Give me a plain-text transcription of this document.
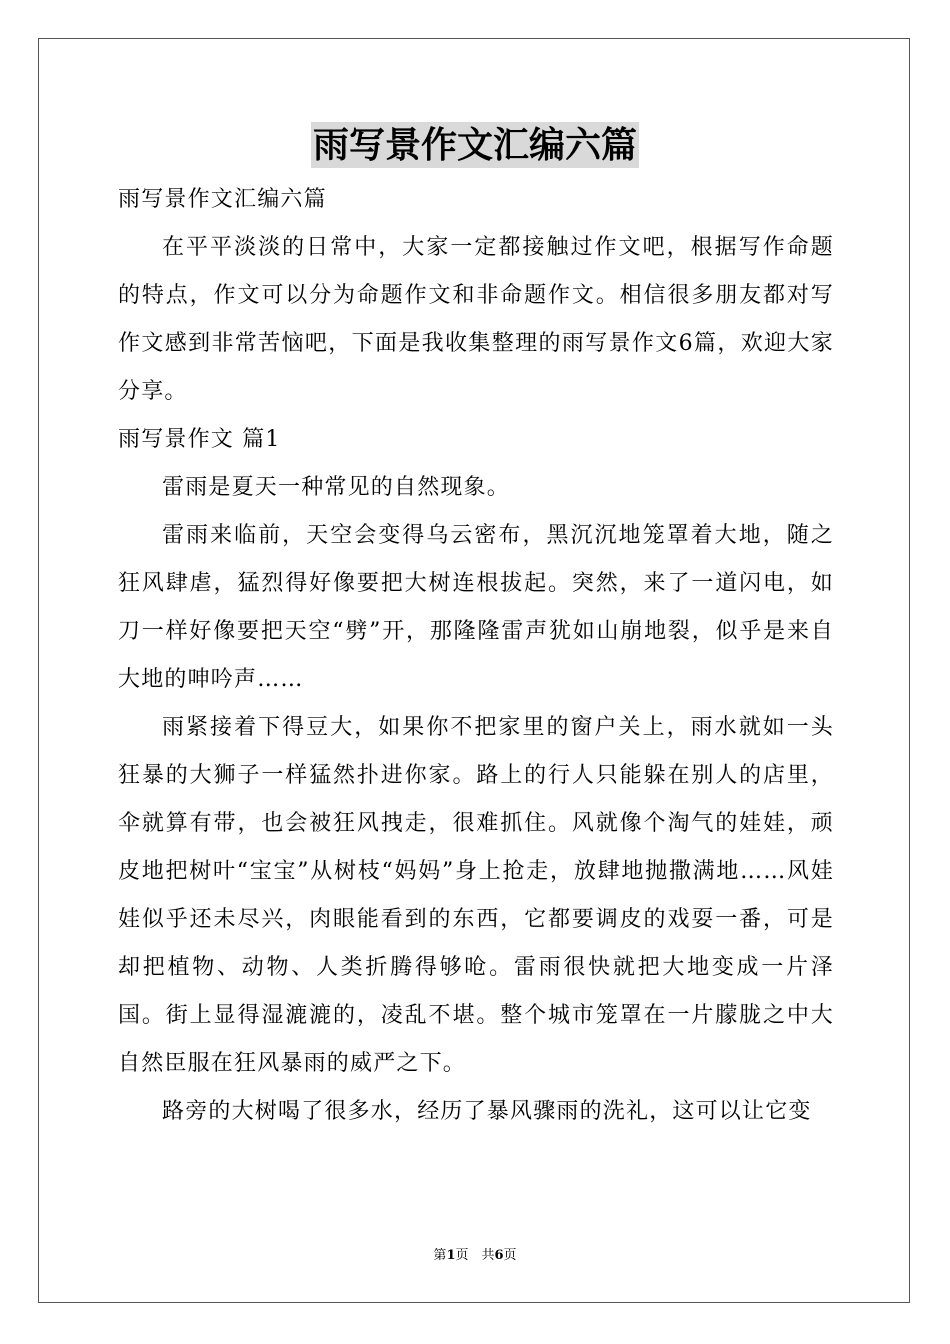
雨写景作文汇编六篇

雨写景作文汇编六篇

在平平淡淡的日常中，大家一定都接触过作文吧，根据写作命题的特点，作文可以分为命题作文和非命题作文。相信很多朋友都对写作文感到非常苦恼吧，下面是我收集整理的雨写景作文6篇，欢迎大家分享。

雨写景作文 篇1

雷雨是夏天一种常见的自然现象。

雷雨来临前，天空会变得乌云密布，黑沉沉地笼罩着大地，随之狂风肆虐，猛烈得好像要把大树连根拔起。突然，来了一道闪电，如刀一样好像要把天空“劈”开，那隆隆雷声犹如山崩地裂，似乎是来自大地的呻吟声……

雨紧接着下得豆大，如果你不把家里的窗户关上，雨水就如一头狂暴的大狮子一样猛然扑进你家。路上的行人只能躲在别人的店里，伞就算有带，也会被狂风拽走，很难抓住。风就像个淘气的娃娃，顽皮地把树叶“宝宝”从树枝“妈妈”身上抢走，放肆地抛撒满地……风娃娃似乎还未尽兴，肉眼能看到的东西，它都要调皮的戏耍一番，可是却把植物、动物、人类折腾得够呛。雷雨很快就把大地变成一片泽国。街上显得湿漉漉的，凌乱不堪。整个城市笼罩在一片朦胧之中大自然臣服在狂风暴雨的威严之下。

路旁的大树喝了很多水，经历了暴风骤雨的洗礼，这可以让它变

第1页　共6页
